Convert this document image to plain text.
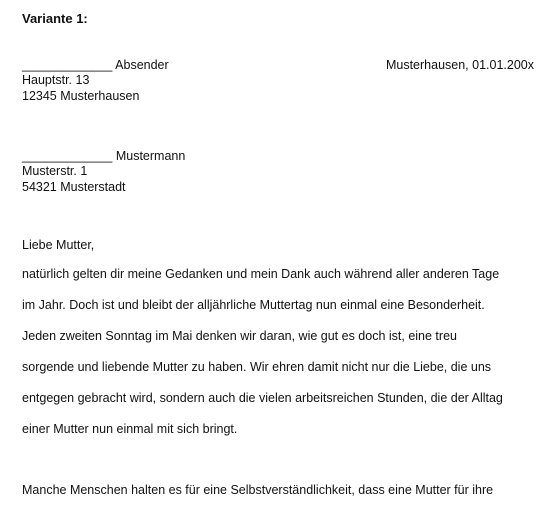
Variante 1:
_____________ Absender	Musterhausen, 01.01.200x
Hauptstr. 13
12345 Musterhausen
_____________ Mustermann
Musterstr. 1
54321 Musterstadt
Liebe Mutter,
natürlich gelten dir meine Gedanken und mein Dank auch während aller anderen Tage
im Jahr. Doch ist und bleibt der alljährliche Muttertag nun einmal eine Besonderheit.
Jeden zweiten Sonntag im Mai denken wir daran, wie gut es doch ist, eine treu
sorgende und liebende Mutter zu haben. Wir ehren damit nicht nur die Liebe, die uns
entgegen gebracht wird, sondern auch die vielen arbeitsreichen Stunden, die der Alltag
einer Mutter nun einmal mit sich bringt.
Manche Menschen halten es für eine Selbstverständlichkeit, dass eine Mutter für ihre
